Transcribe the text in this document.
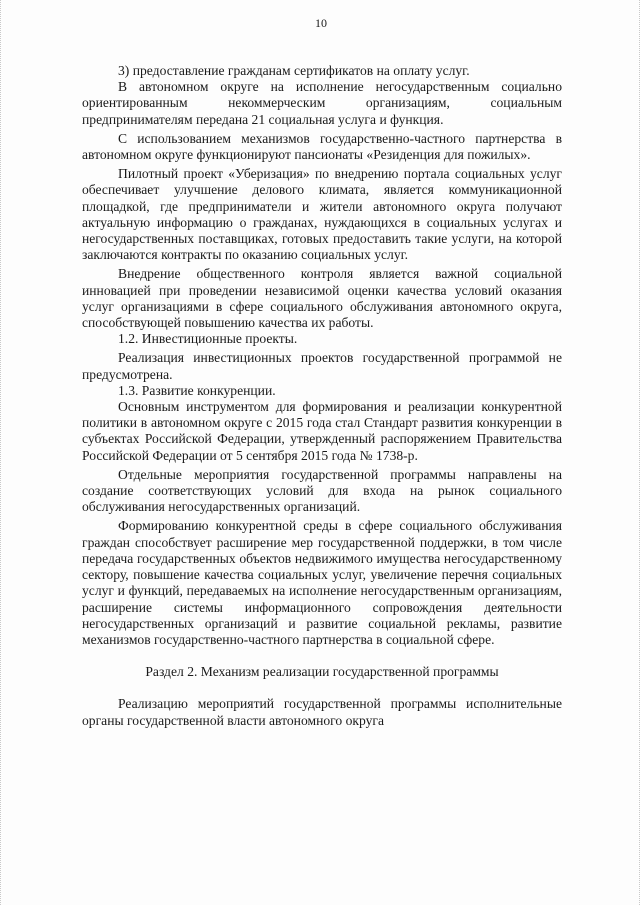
10

3) предоставление гражданам сертификатов на оплату услуг.

В автономном округе на исполнение негосударственным социально ориентированным некоммерческим организациям, социальным предпринимателям передана 21 социальная услуга и функция.

С использованием механизмов государственно-частного партнерства в автономном округе функционируют пансионаты «Резиденция для пожилых».

Пилотный проект «Уберизация» по внедрению портала социальных услуг обеспечивает улучшение делового климата, является коммуникационной площадкой, где предприниматели и жители автономного округа получают актуальную информацию о гражданах, нуждающихся в социальных услугах и негосударственных поставщиках, готовых предоставить такие услуги, на которой заключаются контракты по оказанию социальных услуг.

Внедрение общественного контроля является важной социальной инновацией при проведении независимой оценки качества условий оказания услуг организациями в сфере социального обслуживания автономного округа, способствующей повышению качества их работы.

1.2. Инвестиционные проекты.

Реализация инвестиционных проектов государственной программой не предусмотрена.

1.3. Развитие конкуренции.

Основным инструментом для формирования и реализации конкурентной политики в автономном округе с 2015 года стал Стандарт развития конкуренции в субъектах Российской Федерации, утвержденный распоряжением Правительства Российской Федерации от 5 сентября 2015 года № 1738-р.

Отдельные мероприятия государственной программы направлены на создание соответствующих условий для входа на рынок социального обслуживания негосударственных организаций.

Формированию конкурентной среды в сфере социального обслуживания граждан способствует расширение мер государственной поддержки, в том числе передача государственных объектов недвижимого имущества негосударственному сектору, повышение качества социальных услуг, увеличение перечня социальных услуг и функций, передаваемых на исполнение негосударственным организациям, расширение системы информационного сопровождения деятельности негосударственных организаций и развитие социальной рекламы, развитие механизмов государственно-частного партнерства в социальной сфере.

Раздел 2. Механизм реализации государственной программы

Реализацию мероприятий государственной программы исполнительные органы государственной власти автономного округа
